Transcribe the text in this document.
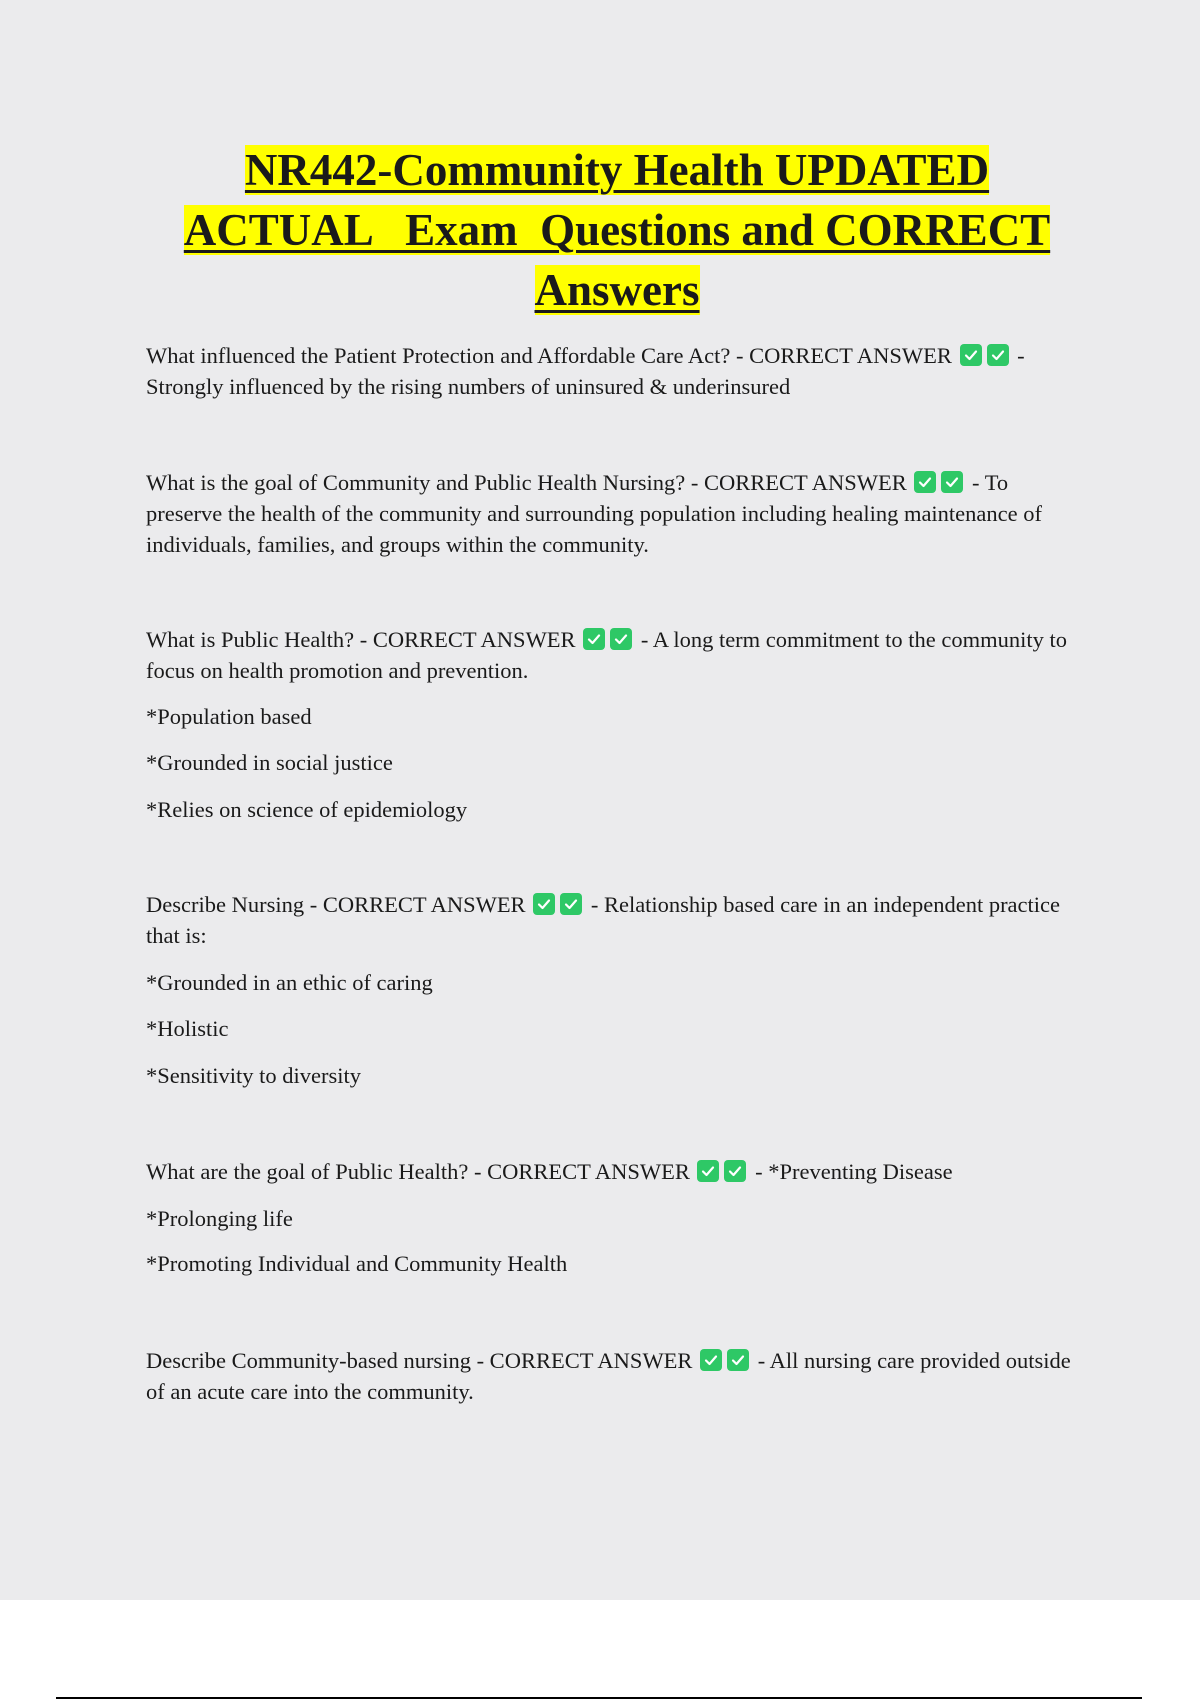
NR442-Community Health UPDATED
ACTUAL   Exam  Questions and CORRECT
Answers

What influenced the Patient Protection and Affordable Care Act? - CORRECT ANSWER	- Strongly influenced by the rising numbers of uninsured & underinsured

What is the goal of Community and Public Health Nursing? - CORRECT ANSWER	- To preserve the health of the community and surrounding population including healing maintenance of individuals, families, and groups within the community.

What is Public Health? - CORRECT ANSWER	- A long term commitment to the community to focus on health promotion and prevention.

*Population based

*Grounded in social justice

*Relies on science of epidemiology

Describe Nursing - CORRECT ANSWER	- Relationship based care in an independent practice that is:

*Grounded in an ethic of caring

*Holistic

*Sensitivity to diversity

What are the goal of Public Health? - CORRECT ANSWER	- *Preventing Disease

*Prolonging life

*Promoting Individual and Community Health

Describe Community-based nursing - CORRECT ANSWER	- All nursing care provided outside of an acute care into the community.
